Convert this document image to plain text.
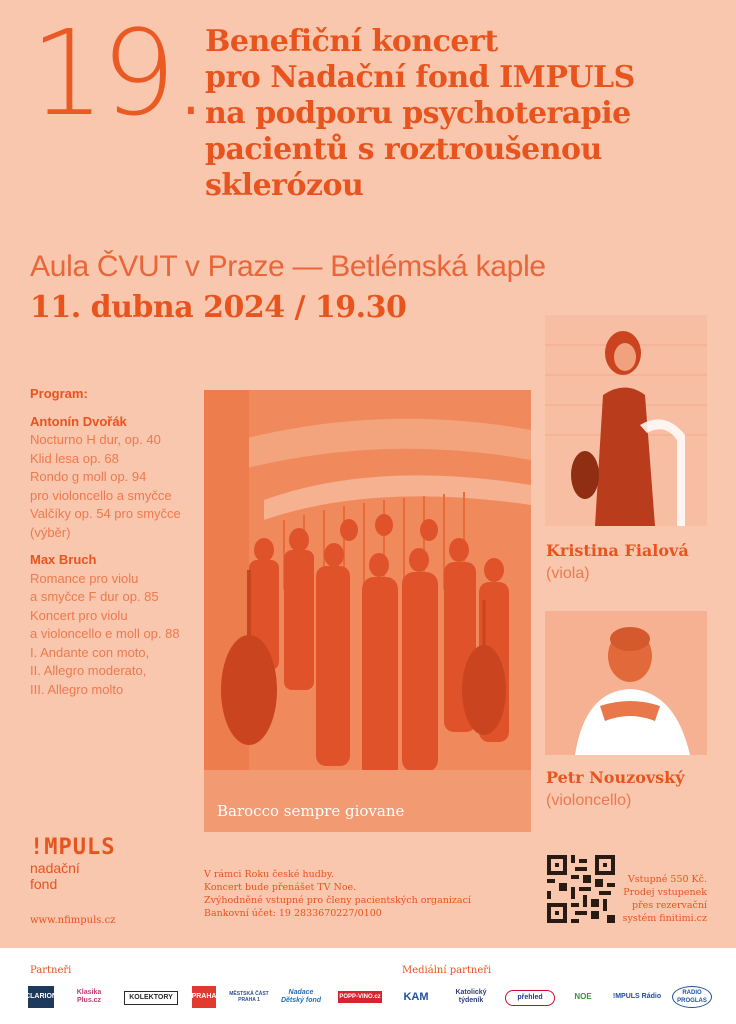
19. Benefiční koncert
pro Nadační fond IMPULS
na podporu psychoterapie
pacientů s roztroušenou
sklerózou
Aula ČVUT v Praze — Betlémská kaple
11. dubna 2024 / 19.30
Program:
Antonín Dvořák
Nocturno H dur, op. 40
Klid lesa op. 68
Rondo g moll op. 94
pro violoncello a smyčce
Valčíky op. 54 pro smyčce
(výběr)
Max Bruch
Romance pro violu
a smyčce F dur op. 85
Koncert pro violu
a violoncello e moll op. 88
I. Andante con moto,
II. Allegro moderato,
III. Allegro molto
Barocco sempre giovane
Kristina Fialová
(viola)
Petr Nouzovský
(violoncello)
!MPULS
nadační
fond
www.nfimpuls.cz
V rámci Roku české hudby.
Koncert bude přenášet TV Noe.
Zvýhodněné vstupné pro členy pacientských organizací
Bankovní účet: 19 2833670227/0100
Vstupné 550 Kč.
Prodej vstupenek
přes rezervační
systém finitimi.cz
Partneři	Mediální partneři
CLARION
Klasika Plus.cz	KOLEKTORY	PRAHA	MĚSTSKÁ ČÁST PRAHA 1
Nadace Dětský fond	POPP-VINO.cz	KAM	Katolický týdeník	přehled	NOE	!MPULS Rádio	RADIO PROGLAS
